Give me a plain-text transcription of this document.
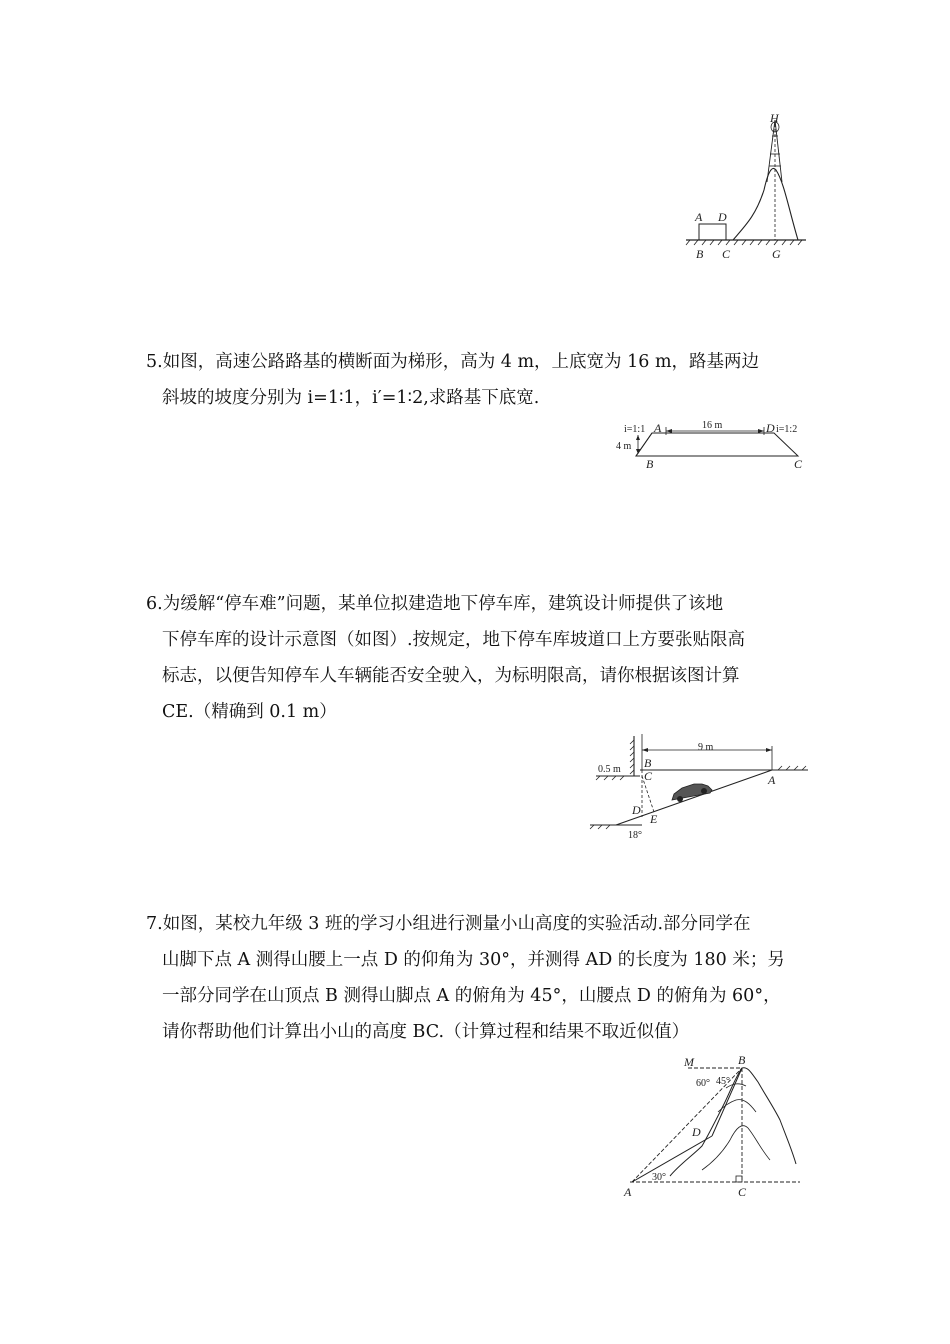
H
A D
B C	G

5.如图，高速公路路基的横断面为梯形，高为 4 m，上底宽为 16 m，路基两边

斜坡的坡度分别为 i=1∶1，i′=1∶2,求路基下底宽.

i=1:1 A	16 m	D i=1:2
4 m
B	C

6.为缓解“停车难”问题，某单位拟建造地下停车库，建筑设计师提供了该地

下停车库的设计示意图（如图）.按规定，地下停车库坡道口上方要张贴限高

标志，以便告知停车人车辆能否安全驶入，为标明限高，请你根据该图计算

CE.（精确到 0.1 m）

B
C	A
D
E
9 m
0.5 m
18°

7.如图，某校九年级 3 班的学习小组进行测量小山高度的实验活动.部分同学在

山脚下点 A 测得山腰上一点 D 的仰角为 30°，并测得 AD 的长度为 180 米；另

一部分同学在山顶点 B 测得山脚点 A 的俯角为 45°，山腰点 D 的俯角为 60°，

请你帮助他们计算出小山的高度 BC.（计算过程和结果不取近似值）

M	B
D
A	C
60° 45°
30°
